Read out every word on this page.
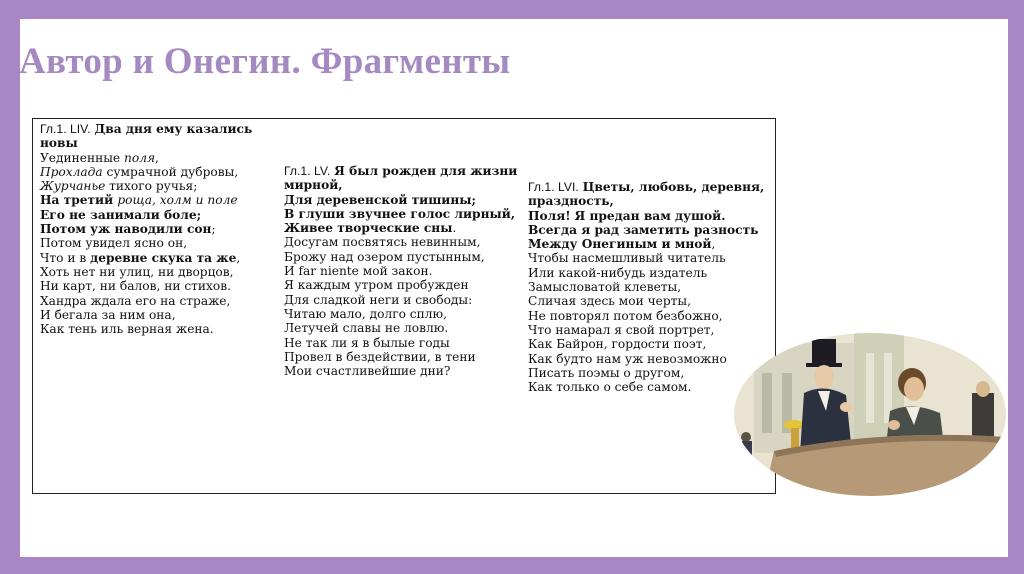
Автор и Онегин. Фрагменты
Гл.1. LIV. Два дня ему казались
новы
Уединенные поля,
Прохлада сумрачной дубровы,
Журчанье тихого ручья;
На третий роща, холм и поле
Его не занимали боле;
Потом уж наводили сон;
Потом увидел ясно он,
Что и в деревне скука та же,
Хоть нет ни улиц, ни дворцов,
Ни карт, ни балов, ни стихов.
Хандра ждала его на страже,
И бегала за ним она,
Как тень иль верная жена.
Гл.1. LV. Я был рожден для жизни
мирной,
Для деревенской тишины;
В глуши звучнее голос лирный,
Живее творческие сны.
Досугам посвятясь невинным,
Брожу над озером пустынным,
И far niente мой закон.
Я каждым утром пробужден
Для сладкой неги и свободы:
Читаю мало, долго сплю,
Летучей славы не ловлю.
Не так ли я в былые годы
Провел в бездействии, в тени
Мои счастливейшие дни?
Гл.1. LVI. Цветы, любовь, деревня,
праздность,
Поля! Я предан вам душой.
Всегда я рад заметить разность
Между Онегиным и мной,
Чтобы насмешливый читатель
Или какой-нибудь издатель
Замысловатой клеветы,
Сличая здесь мои черты,
Не повторял потом безбожно,
Что намарал я свой портрет,
Как Байрон, гордости поэт,
Как будто нам уж невозможно
Писать поэмы о другом,
Как только о себе самом.
